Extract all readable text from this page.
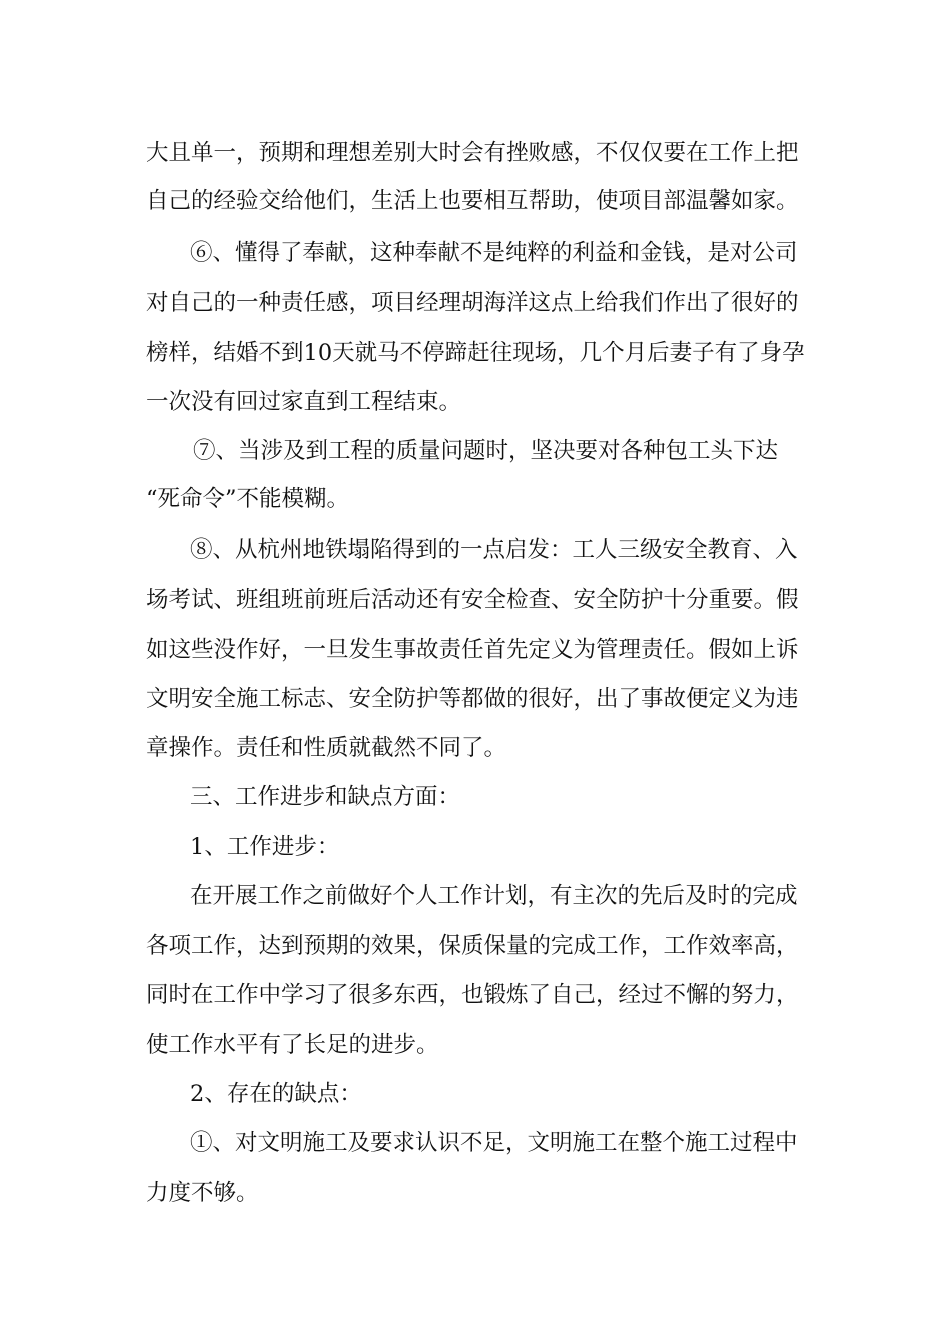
大且单一，预期和理想差别大时会有挫败感，不仅仅要在工作上把
自己的经验交给他们，生活上也要相互帮助，使项目部温馨如家。
⑥、懂得了奉献，这种奉献不是纯粹的利益和金钱，是对公司
对自己的一种责任感，项目经理胡海洋这点上给我们作出了很好的
榜样，结婚不到10天就马不停蹄赶往现场，几个月后妻子有了身孕
一次没有回过家直到工程结束。
⑦、当涉及到工程的质量问题时，坚决要对各种包工头下达
“死命令”不能模糊。
⑧、从杭州地铁塌陷得到的一点启发：工人三级安全教育、入
场考试、班组班前班后活动还有安全检查、安全防护十分重要。假
如这些没作好，一旦发生事故责任首先定义为管理责任。假如上诉
文明安全施工标志、安全防护等都做的很好，出了事故便定义为违
章操作。责任和性质就截然不同了。
三、工作进步和缺点方面：
1、工作进步：
在开展工作之前做好个人工作计划，有主次的先后及时的完成
各项工作，达到预期的效果，保质保量的完成工作，工作效率高，
同时在工作中学习了很多东西，也锻炼了自己，经过不懈的努力，
使工作水平有了长足的进步。
2、存在的缺点：
①、对文明施工及要求认识不足，文明施工在整个施工过程中
力度不够。
